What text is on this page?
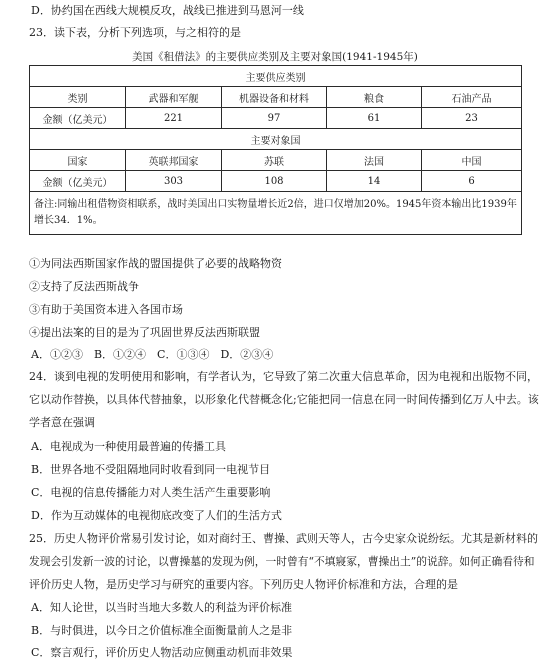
D．协约国在西线大规模反攻，战线已推进到马恩河一线
23．读下表，分析下列选项，与之相符的是
美国《租借法》的主要供应类别及主要对象国(1941-1945年)
主要供应类别				
类别	武器和军舰	机器设备和材料	粮食	石油产品
金额（亿美元）	221	97	61	23
主要对象国				
国家	英联邦国家	苏联	法国	中国
金额（亿美元）	303	108	14	6
备注:同输出租借物资相联系，战时美国出口实物量增长近2倍，进口仅增加20%。1945年资本输出比1939年增长34．1%。				
①为同法西斯国家作战的盟国提供了必要的战略物资
②支持了反法西斯战争
③有助于美国资本进入各国市场
④提出法案的目的是为了巩固世界反法西斯联盟
A．①②③　B．①②④　C．①③④　D．②③④
24．谈到电视的发明使用和影响，有学者认为，它导致了第二次重大信息革命，因为电视和出版物不同，
它以动作替换，以具体代替抽象，以形象化代替概念化;它能把同一信息在同一时间传播到亿万人中去。该
学者意在强调
A．电视成为一种使用最普遍的传播工具
B．世界各地不受阻隔地同时收看到同一电视节目
C．电视的信息传播能力对人类生活产生重要影响
D．作为互动媒体的电视彻底改变了人们的生活方式
25．历史人物评价常易引发讨论，如对商纣王、曹操、武则天等人，古今史家众说纷纭。尤其是新材料的
发现会引发新一波的讨论，以曹操墓的发现为例，一时曾有“不填寢冢，曹操出土”的说辞。如何正确看待和
评价历史人物，是历史学习与研究的重要内容。下列历史人物评价标准和方法，合理的是
A．知人论世，以当时当地大多数人的利益为评价标准
B．与时俱进，以今日之价值标准全面衡量前人之是非
C．察言观行，评价历史人物活动应侧重动机而非效果
